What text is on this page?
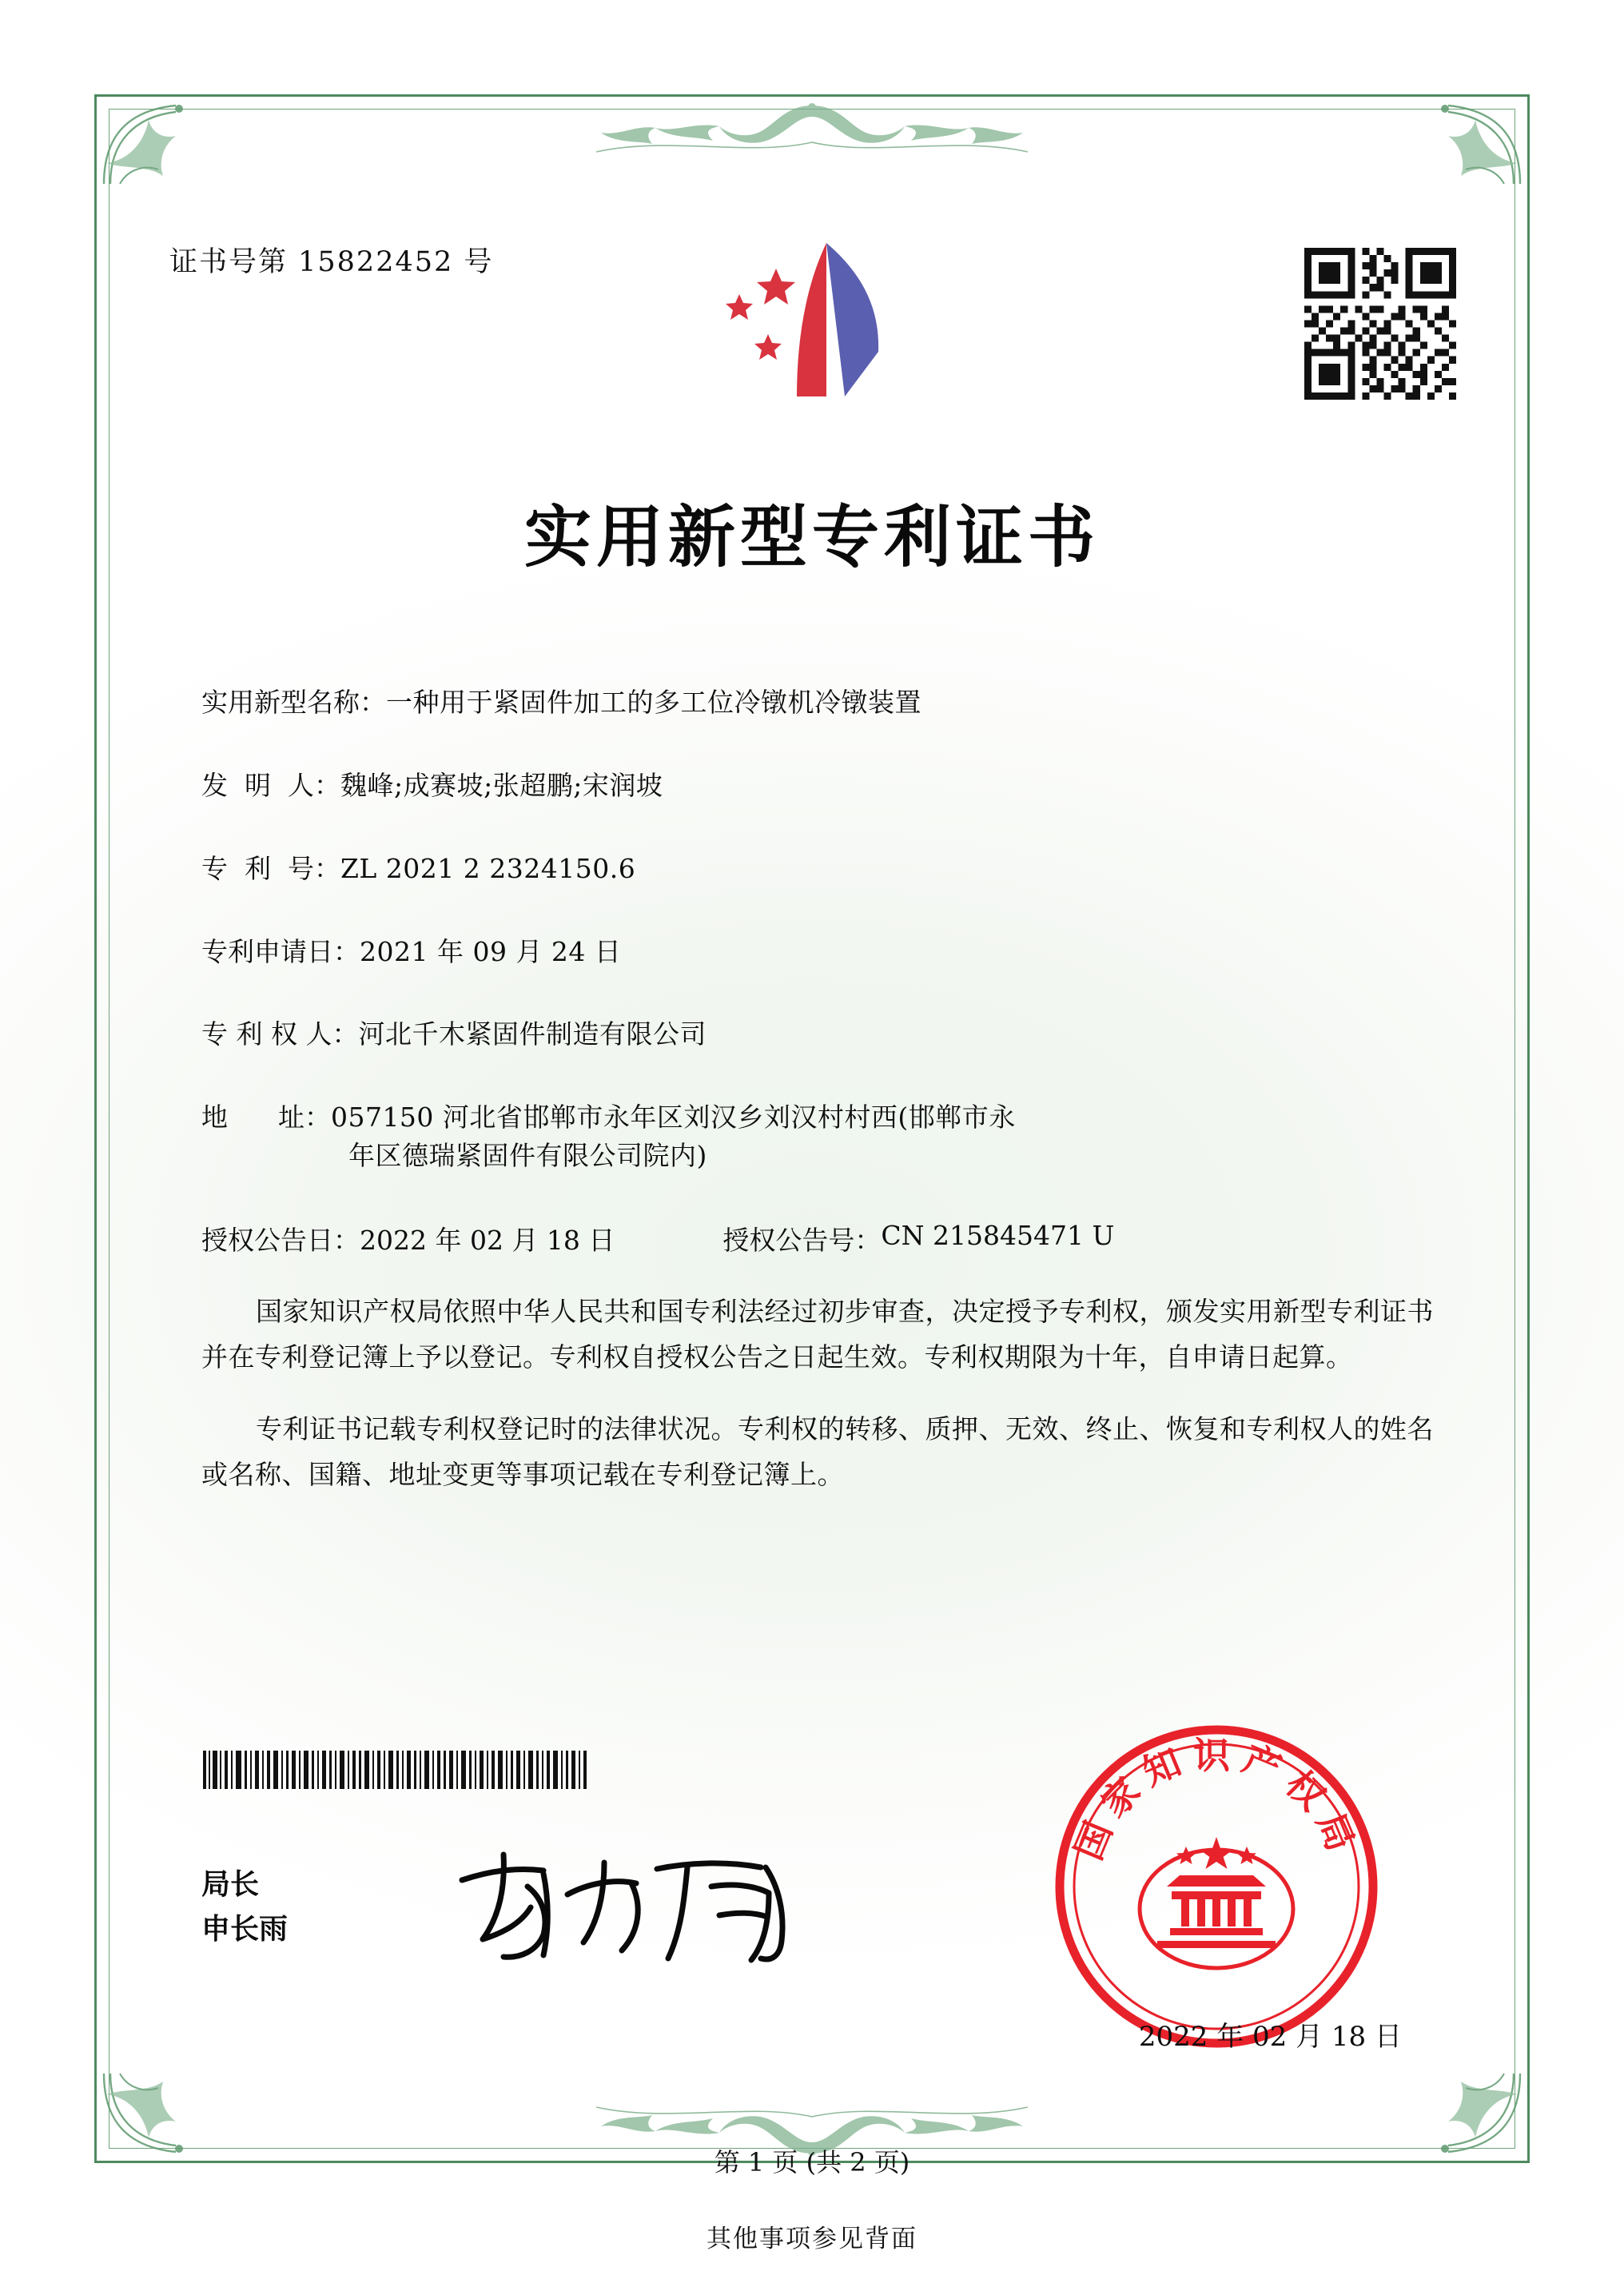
证书号第 15822452 号
实用新型专利证书
实用新型名称： 一种用于紧固件加工的多工位冷镦机冷镦装置
发  明  人： 魏峰;成赛坡;张超鹏;宋润坡
专  利  号： ZL 2021 2 2324150.6
专利申请日： 2021 年 09 月 24 日
专 利 权 人： 河北千木紧固件制造有限公司
地      址： 057150 河北省邯郸市永年区刘汉乡刘汉村村西(邯郸市永
年区德瑞紧固件有限公司院内)
授权公告日： 2022 年 02 月 18 日	授权公告号： CN 215845471 U
国家知识产权局依照中华人民共和国专利法经过初步审查，决定授予专利权，颁发实用新型专利证书并在专利登记簿上予以登记。专利权自授权公告之日起生效。专利权期限为十年，自申请日起算。
专利证书记载专利权登记时的法律状况。专利权的转移、质押、无效、终止、恢复和专利权人的姓名或名称、国籍、地址变更等事项记载在专利登记簿上。
局长
申长雨
国家知识产权局
2022 年 02 月 18 日
第 1 页 (共 2 页)
其他事项参见背面
